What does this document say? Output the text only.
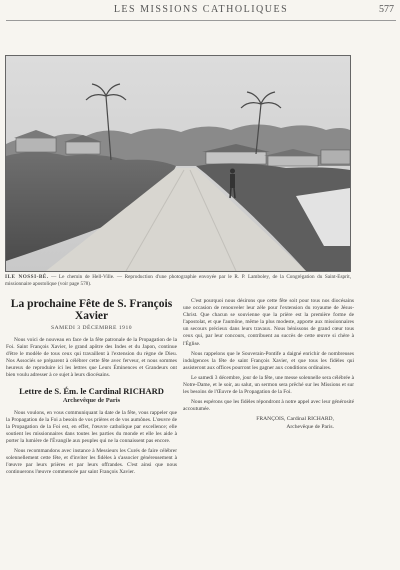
LES MISSIONS CATHOLIQUES	577
ILE NOSSI-BÉ. — Le chemin de Hell-Ville. — Reproduction d'une photographie envoyée par le R. P. Lamboley, de la Congrégation du Saint-Esprit, missionnaire apostolique (voir page 578).
La prochaine Fête de S. François Xavier
SAMEDI 3 DÉCEMBRE 1910

Nous voici de nouveau en face de la fête patronale de la Propagation de la Foi. Saint François Xavier, le grand apôtre des Indes et du Japon, continue d'être le modèle de tous ceux qui travaillent à l'extension du règne de Dieu. Nos Associés se préparent à célébrer cette fête avec ferveur, et nous sommes heureux de reproduire ici les lettres que Leurs Éminences et Grandeurs ont bien voulu adresser à ce sujet à leurs diocésains.

Lettre de S. Ém. le Cardinal RICHARD
Archevêque de Paris

Nous voulons, en vous communiquant la date de la fête, vous rappeler que la Propagation de la Foi a besoin de vos prières et de vos aumônes. L'œuvre de la Propagation de la Foi est, en effet, l'œuvre catholique par excellence; elle soutient les missionnaires dans toutes les parties du monde et elle les aide à porter la lumière de l'Évangile aux peuples qui ne la connaissent pas encore.

Nous recommandons avec instance à Messieurs les Curés de faire célébrer solennellement cette fête, et d'inviter les fidèles à s'associer généreusement à l'œuvre par leurs prières et par leurs offrandes. C'est ainsi que nous continuerons l'œuvre commencée par saint François Xavier.

C'est pourquoi nous désirons que cette fête soit pour tous nos diocésains une occasion de renouveler leur zèle pour l'extension du royaume de Jésus-Christ. Que chacun se souvienne que la prière est la première forme de l'apostolat, et que l'aumône, même la plus modeste, apporte aux missionnaires un secours précieux dans leurs travaux. Nous bénissons de grand cœur tous ceux qui, par leur concours, contribuent au succès de cette œuvre si chère à l'Église.

Nous rappelons que le Souverain-Pontife a daigné enrichir de nombreuses indulgences la fête de saint François Xavier, et que tous les fidèles qui assisteront aux offices pourront les gagner aux conditions ordinaires.

Le samedi 3 décembre, jour de la fête, une messe solennelle sera célébrée à Notre-Dame, et le soir, au salut, un sermon sera prêché sur les Missions et sur les besoins de l'Œuvre de la Propagation de la Foi.

Nous espérons que les fidèles répondront à notre appel avec leur générosité accoutumée.

FRANÇOIS, Cardinal RICHARD,
Archevêque de Paris.
